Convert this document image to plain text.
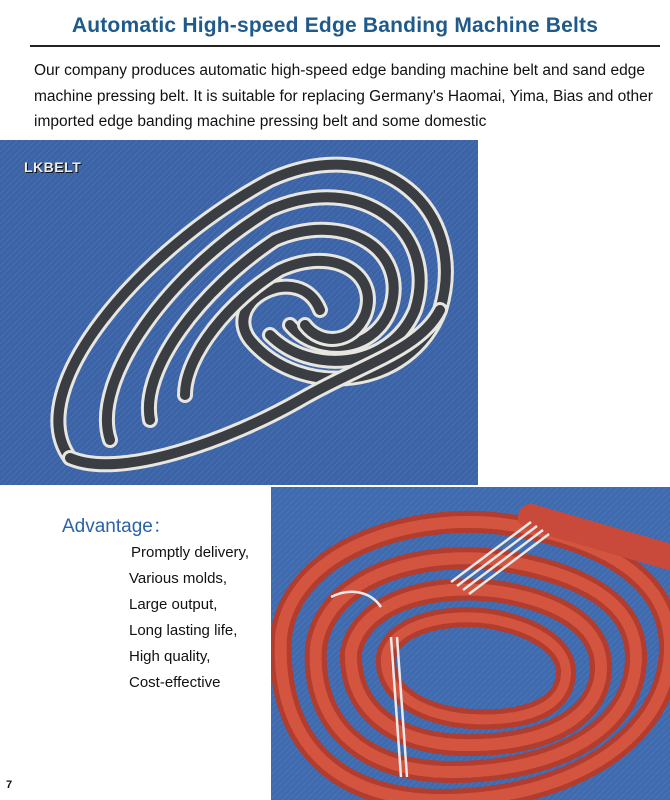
Automatic High-speed Edge Banding Machine Belts
Our company produces automatic high-speed edge banding machine belt and sand edge machine pressing belt. It is suitable for replacing Germany's Haomai, Yima, Bias and other imported edge banding machine pressing belt and some domestic
LKBELT
Advantage：
Promptly delivery,
Various molds,
Large output,
Long lasting life,
High quality,
Cost-effective
7
